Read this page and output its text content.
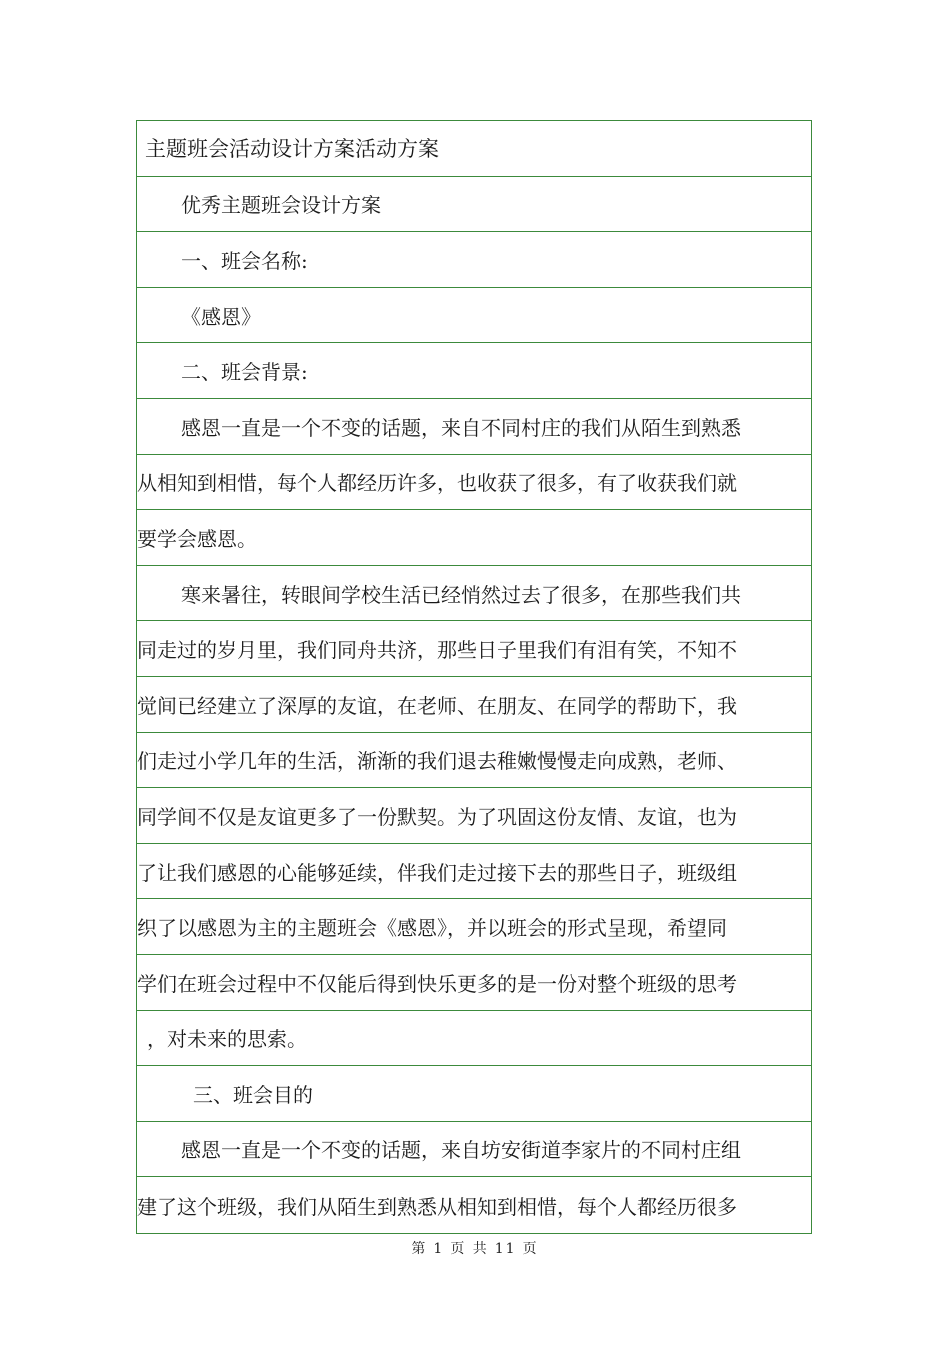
主题班会活动设计方案活动方案
优秀主题班会设计方案
一、班会名称:
《感恩》
二、班会背景:
感恩一直是一个不变的话题，来自不同村庄的我们从陌生到熟悉
从相知到相惜，每个人都经历许多，也收获了很多，有了收获我们就
要学会感恩。
寒来暑往，转眼间学校生活已经悄然过去了很多，在那些我们共
同走过的岁月里，我们同舟共济，那些日子里我们有泪有笑，不知不
觉间已经建立了深厚的友谊，在老师、在朋友、在同学的帮助下，我
们走过小学几年的生活，渐渐的我们退去稚嫩慢慢走向成熟，老师、
同学间不仅是友谊更多了一份默契。为了巩固这份友情、友谊，也为
了让我们感恩的心能够延续，伴我们走过接下去的那些日子，班级组
织了以感恩为主的主题班会《感恩》，并以班会的形式呈现，希望同
学们在班会过程中不仅能后得到快乐更多的是一份对整个班级的思考
，对未来的思索。
三、班会目的
感恩一直是一个不变的话题，来自坊安街道李家片的不同村庄组
建了这个班级，我们从陌生到熟悉从相知到相惜，每个人都经历很多
第 1 页 共 11 页
